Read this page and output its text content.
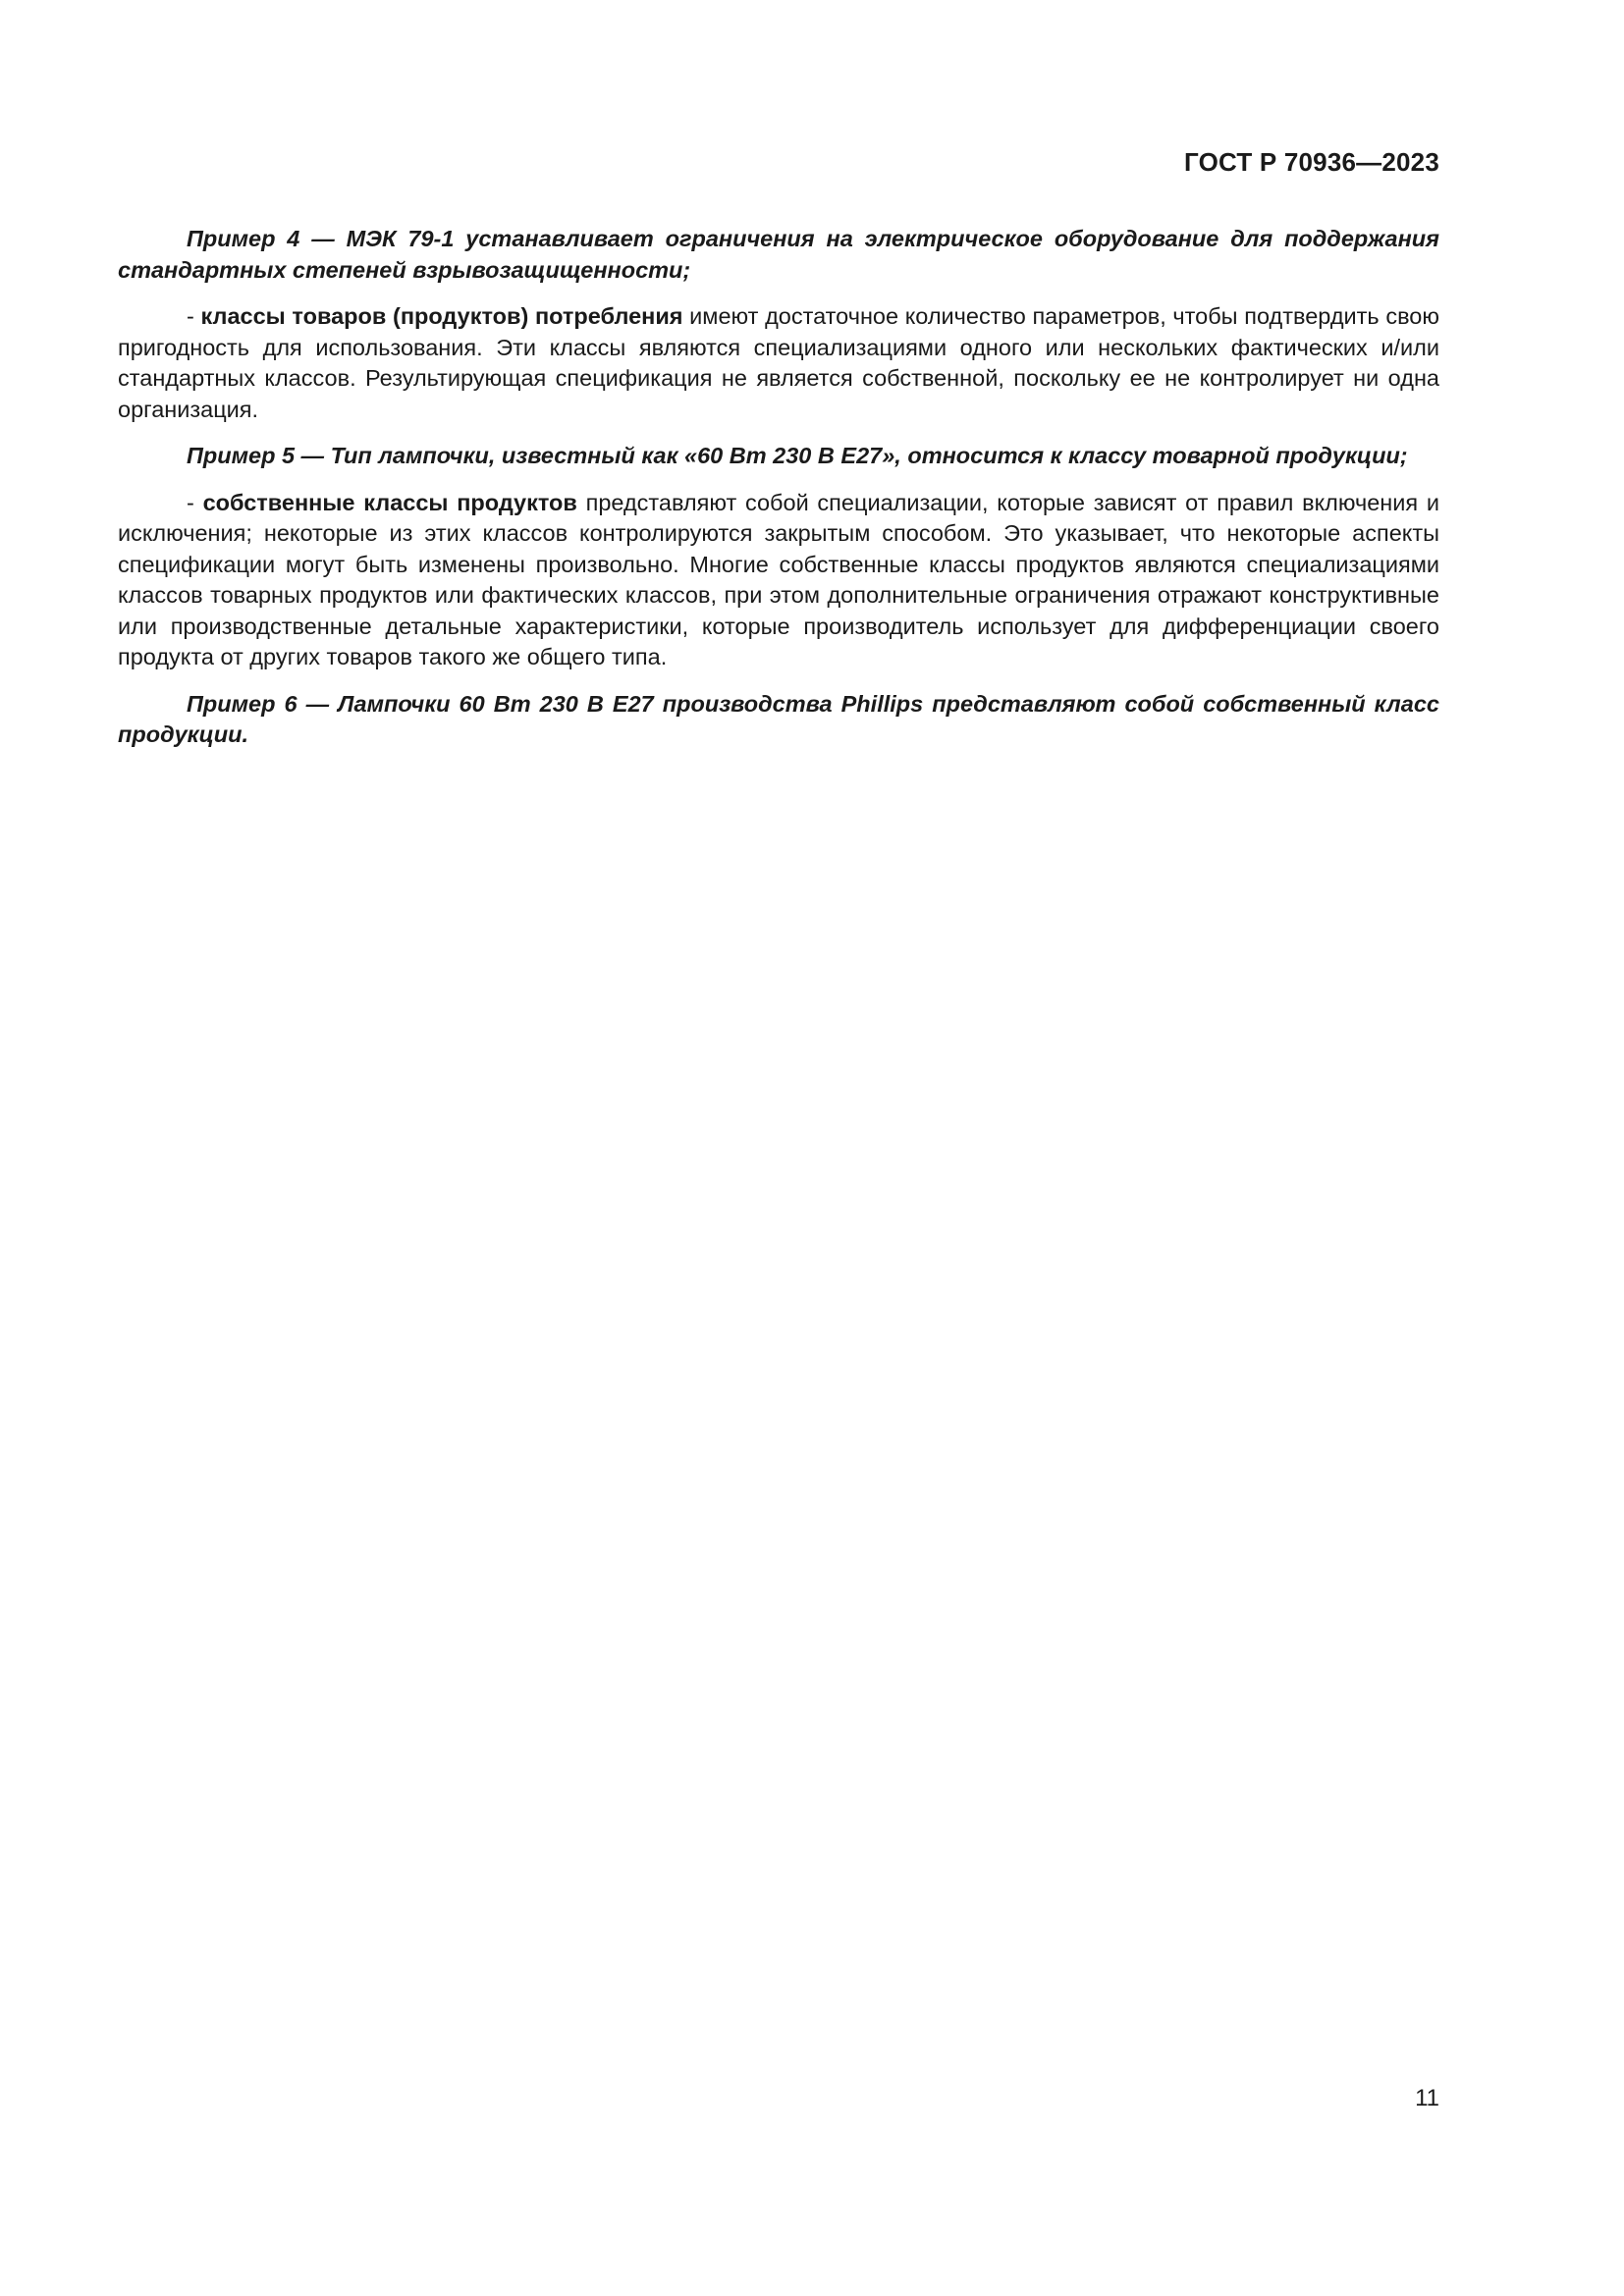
ГОСТ Р 70936—2023

Пример 4 — МЭК 79-1 устанавливает ограничения на электрическое оборудование для поддержания стандартных степеней взрывозащищенности;

- классы товаров (продуктов) потребления имеют достаточное количество параметров, чтобы подтвердить свою пригодность для использования. Эти классы являются специализациями одного или нескольких фактических и/или стандартных классов. Результирующая спецификация не является собственной, поскольку ее не контролирует ни одна организация.

Пример 5 — Тип лампочки, известный как «60 Вт 230 В Е27», относится к классу товарной продукции;

- собственные классы продуктов представляют собой специализации, которые зависят от правил включения и исключения; некоторые из этих классов контролируются закрытым способом. Это указывает, что некоторые аспекты спецификации могут быть изменены произвольно. Многие собственные классы продуктов являются специализациями классов товарных продуктов или фактических классов, при этом дополнительные ограничения отражают конструктивные или производственные детальные характеристики, которые производитель использует для дифференциации своего продукта от других товаров такого же общего типа.

Пример 6 — Лампочки 60 Вт 230 В Е27 производства Phillips представляют собой собственный класс продукции.

11
